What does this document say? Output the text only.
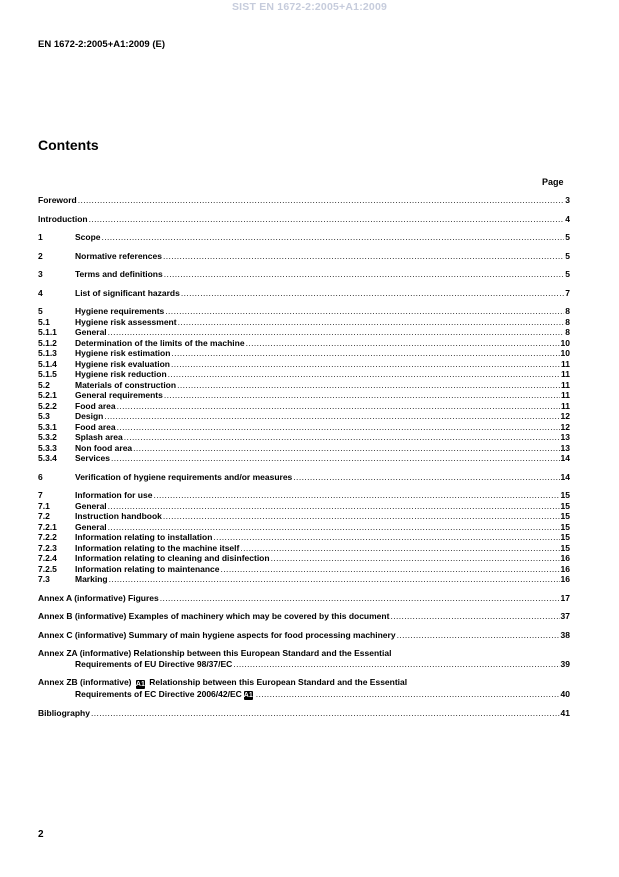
SIST EN 1672-2:2005+A1:2009
EN 1672-2:2005+A1:2009 (E)
Contents
Page
Foreword .....	3
Introduction .....	4
1	Scope .....	5
2	Normative references .....	5
3	Terms and definitions .....	5
4	List of significant hazards .....	7
5	Hygiene requirements .....	8
5.1	Hygiene risk assessment .....	8
5.1.1	General .....	8
5.1.2	Determination of the limits of the machine .....	10
5.1.3	Hygiene risk estimation .....	10
5.1.4	Hygiene risk evaluation .....	11
5.1.5	Hygiene risk reduction .....	11
5.2	Materials of construction .....	11
5.2.1	General requirements .....	11
5.2.2	Food area .....	11
5.3	Design .....	12
5.3.1	Food area .....	12
5.3.2	Splash area .....	13
5.3.3	Non food area .....	13
5.3.4	Services .....	14
6	Verification of hygiene requirements and/or measures .....	14
7	Information for use .....	15
7.1	General .....	15
7.2	Instruction handbook .....	15
7.2.1	General .....	15
7.2.2	Information relating to installation .....	15
7.2.3	Information relating to the machine itself .....	15
7.2.4	Information relating to cleaning and disinfection .....	16
7.2.5	Information relating to maintenance .....	16
7.3	Marking .....	16
Annex A (informative) Figures .....	17
Annex B (informative) Examples of machinery which may be covered by this document .....	37
Annex C (informative) Summary of main hygiene aspects for food processing machinery .....	38
Annex ZA (informative) Relationship between this European Standard and the Essential
Requirements of EU Directive 98/37/EC .....	39
Annex ZB (informative) A1 Relationship between this European Standard and the Essential
Requirements of EC Directive 2006/42/EC A1 .....	40
Bibliography .....	41
2
